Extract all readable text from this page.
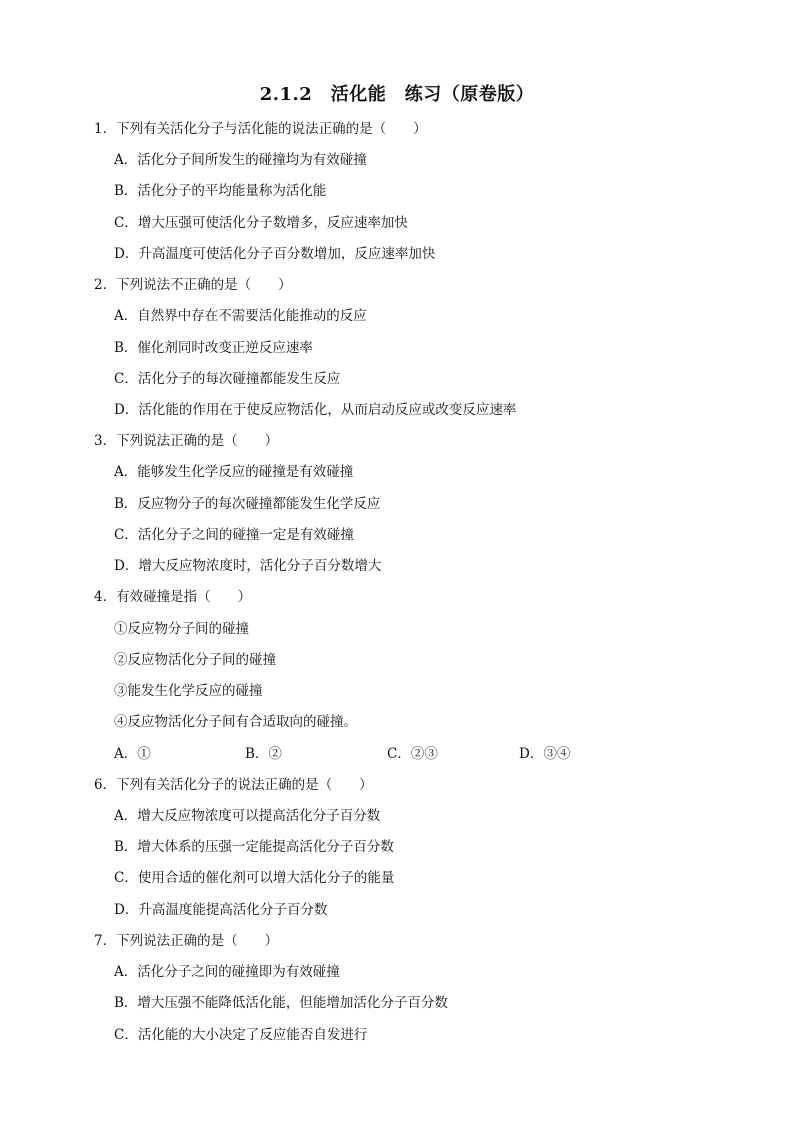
2.1.2　活化能　练习（原卷版）
1．下列有关活化分子与活化能的说法正确的是（　　）
A．活化分子间所发生的碰撞均为有效碰撞
B．活化分子的平均能量称为活化能
C．增大压强可使活化分子数增多，反应速率加快
D．升高温度可使活化分子百分数增加，反应速率加快
2．下列说法不正确的是（　　）
A．自然界中存在不需要活化能推动的反应
B．催化剂同时改变正逆反应速率
C．活化分子的每次碰撞都能发生反应
D．活化能的作用在于使反应物活化，从而启动反应或改变反应速率
3．下列说法正确的是（　　）
A．能够发生化学反应的碰撞是有效碰撞
B．反应物分子的每次碰撞都能发生化学反应
C．活化分子之间的碰撞一定是有效碰撞
D．增大反应物浓度时，活化分子百分数增大
4．有效碰撞是指（　　）
①反应物分子间的碰撞
②反应物活化分子间的碰撞
③能发生化学反应的碰撞
④反应物活化分子间有合适取向的碰撞。
A．①	B．②	C．②③	D．③④
6．下列有关活化分子的说法正确的是（　　）
A．增大反应物浓度可以提高活化分子百分数
B．增大体系的压强一定能提高活化分子百分数
C．使用合适的催化剂可以增大活化分子的能量
D．升高温度能提高活化分子百分数
7．下列说法正确的是（　　）
A．活化分子之间的碰撞即为有效碰撞
B．增大压强不能降低活化能，但能增加活化分子百分数
C．活化能的大小决定了反应能否自发进行
